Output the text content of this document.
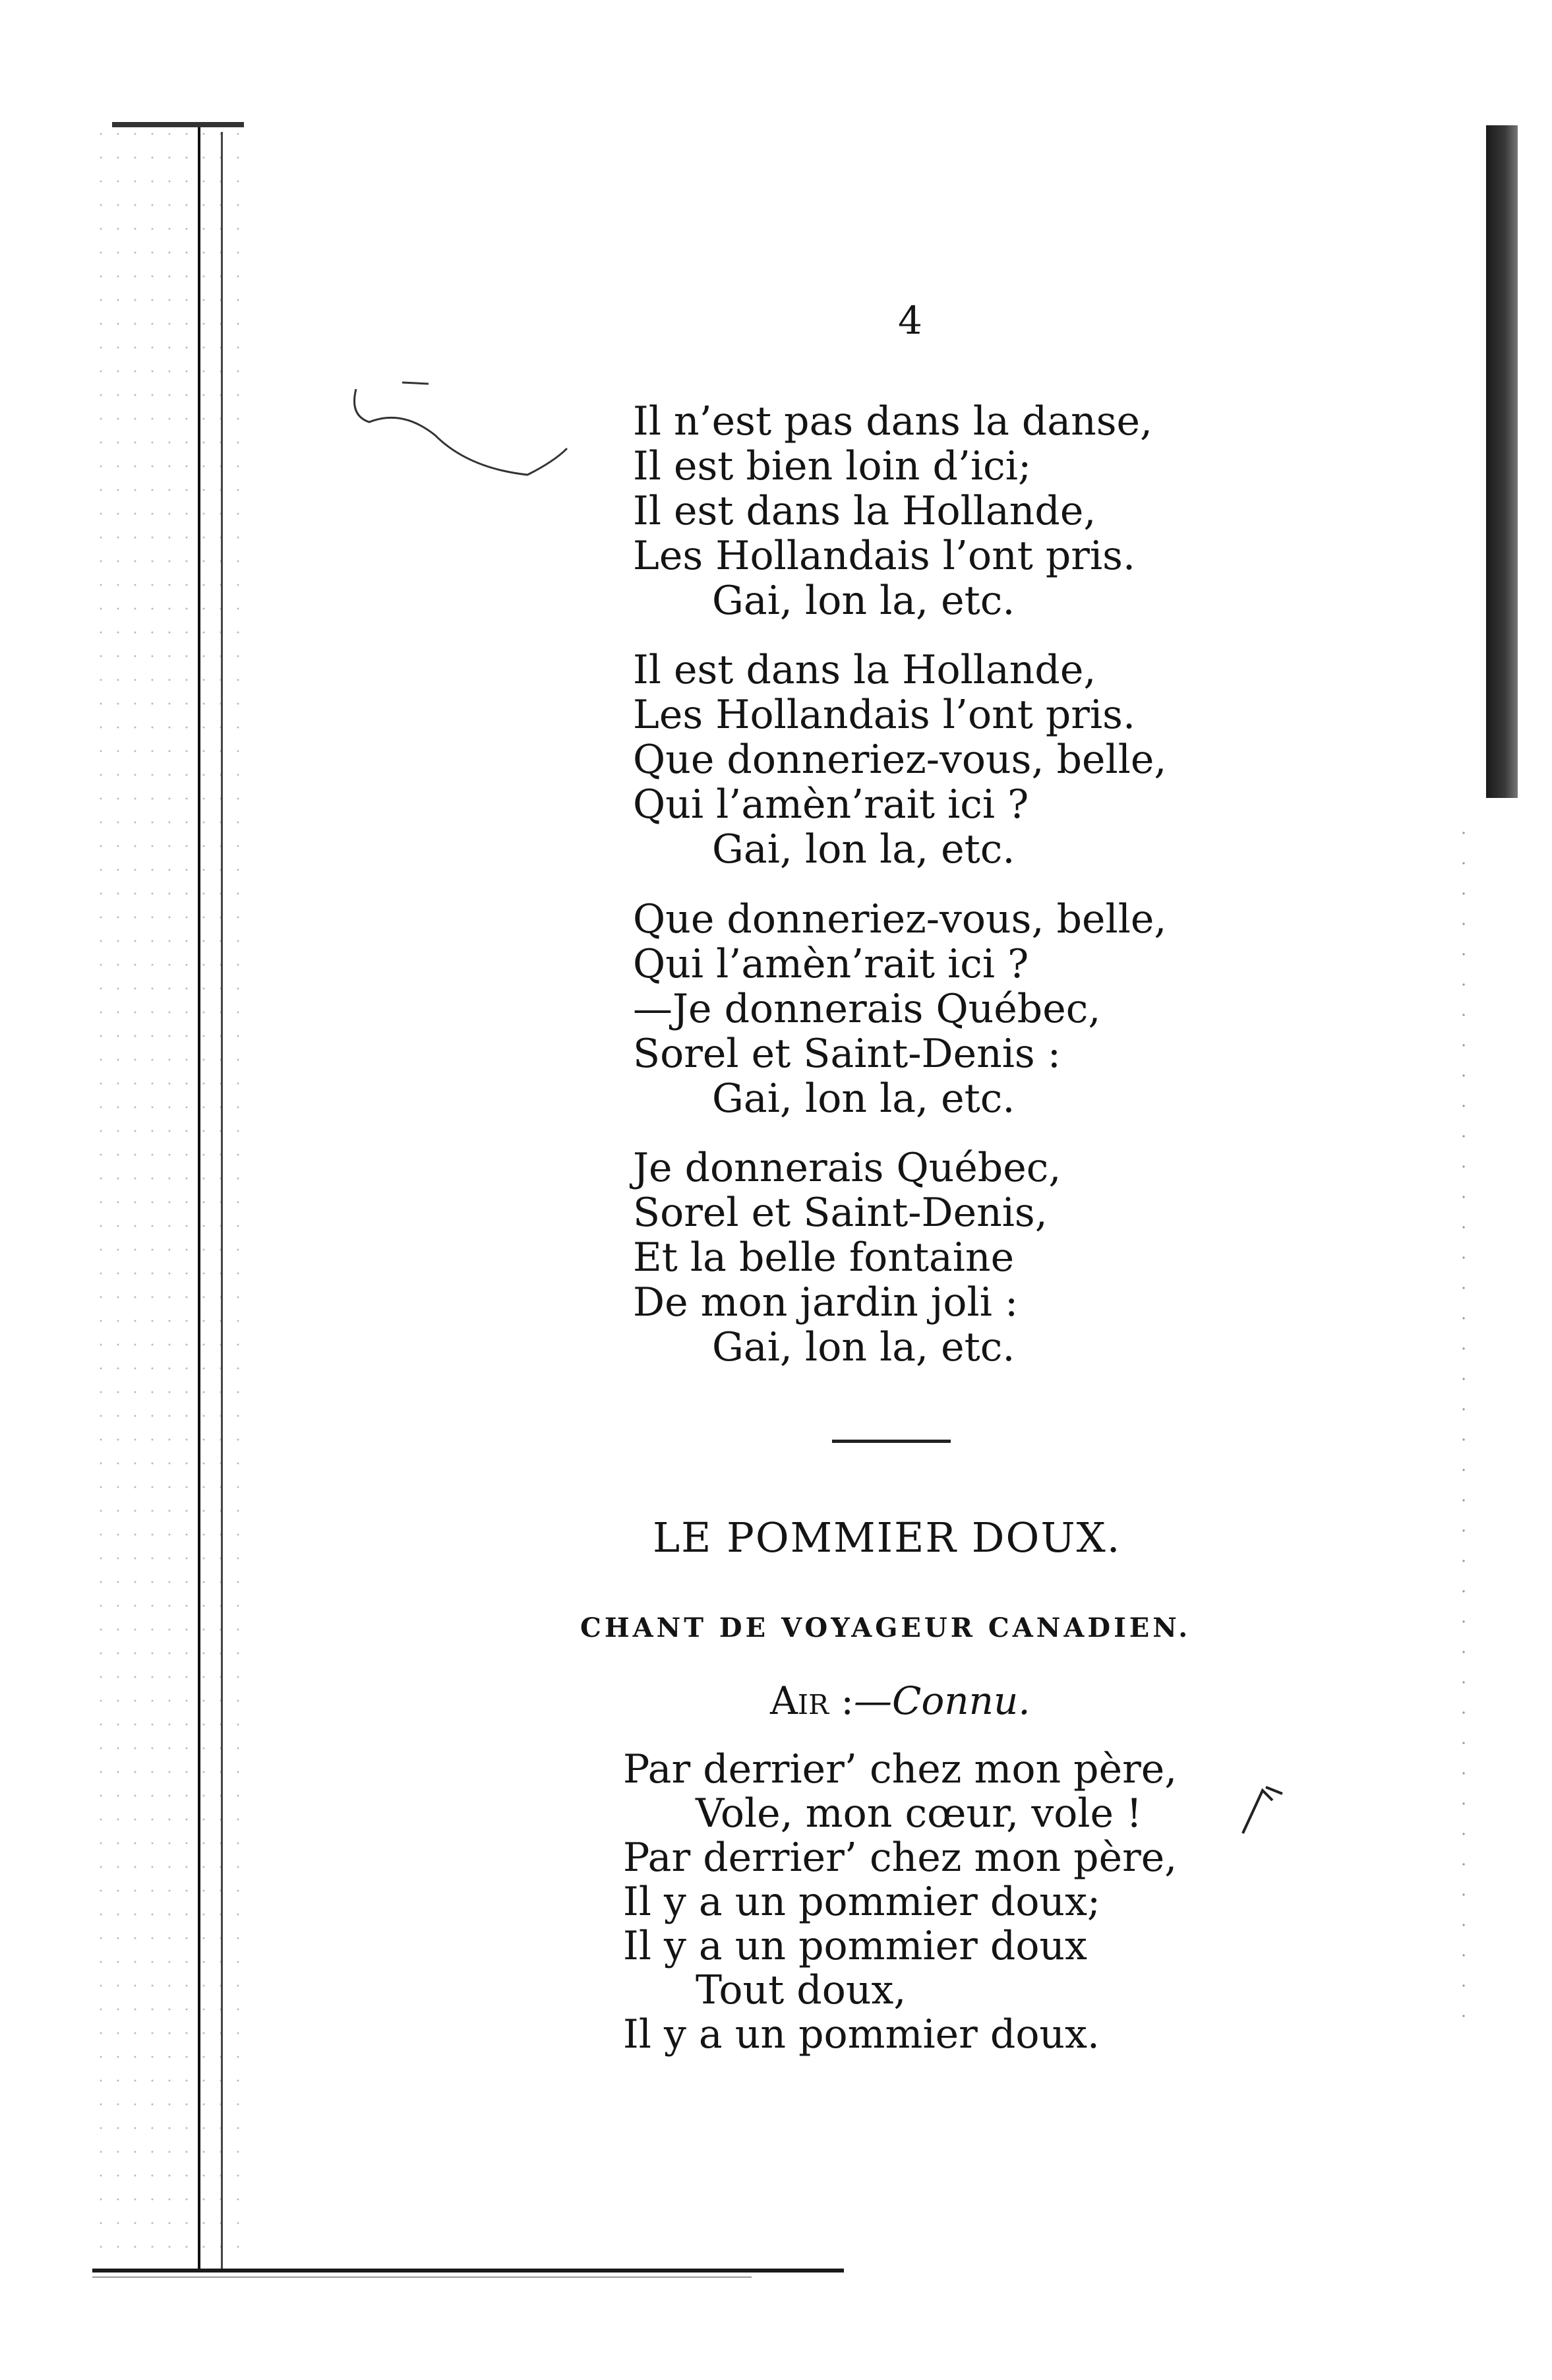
4
Il n’est pas dans la danse,
Il est bien loin d’ici;
Il est dans la Hollande,
Les Hollandais l’ont pris.
Gai, lon la, etc.
Il est dans la Hollande,
Les Hollandais l’ont pris.
Que donneriez-vous, belle,
Qui l’amèn’rait ici ?
Gai, lon la, etc.
Que donneriez-vous, belle,
Qui l’amèn’rait ici ?
—Je donnerais Québec,
Sorel et Saint-Denis :
Gai, lon la, etc.
Je donnerais Québec,
Sorel et Saint-Denis,
Et la belle fontaine
De mon jardin joli :
Gai, lon la, etc.
LE POMMIER DOUX.
CHANT DE VOYAGEUR CANADIEN.
Air :—Connu.
Par derrier’ chez mon père,
Vole, mon cœur, vole !
Par derrier’ chez mon père,
Il y a un pommier doux;
Il y a un pommier doux
Tout doux,
Il y a un pommier doux.
